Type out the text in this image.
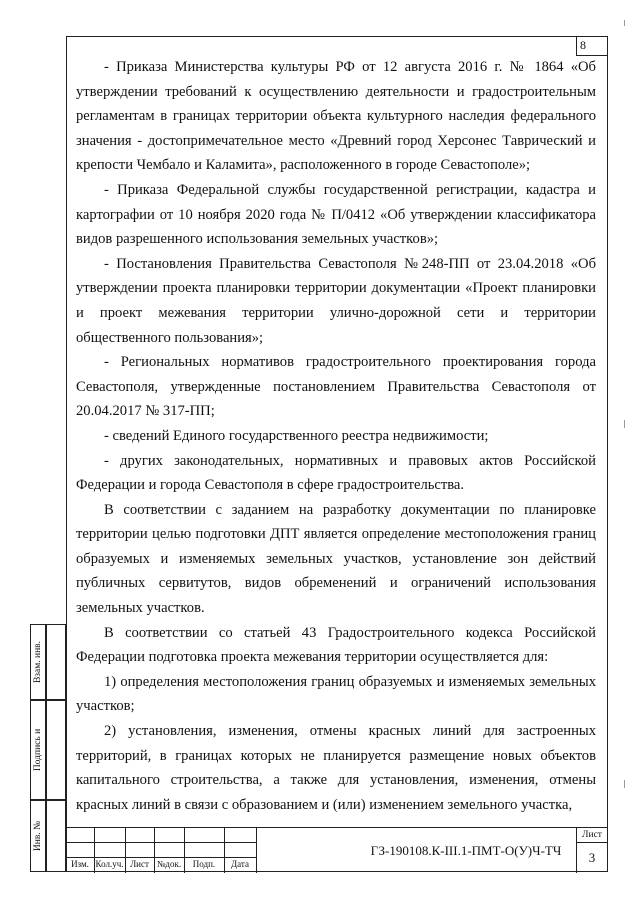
8

- Приказа Министерства культуры РФ от 12 августа 2016 г. № 1864 «Об утверждении требований к осуществлению деятельности и градостроительным регламентам в границах территории объекта культурного наследия федерального значения - достопримечательное место «Древний город Херсонес Таврический и крепости Чембало и Каламита», расположенного в городе Севастополе»;

- Приказа Федеральной службы государственной регистрации, кадастра и картографии от 10 ноября 2020 года № П/0412 «Об утверждении классификатора видов разрешенного использования земельных участков»;

- Постановления Правительства Севастополя №248-ПП от 23.04.2018 «Об утверждении проекта планировки территории документации «Проект планировки и проект межевания территории улично-дорожной сети и территории общественного пользования»;

- Региональных нормативов градостроительного проектирования города Севастополя, утвержденные постановлением Правительства Севастополя от 20.04.2017 № 317-ПП;

- сведений Единого государственного реестра недвижимости;

- других законодательных, нормативных и правовых актов Российской Федерации и города Севастополя в сфере градостроительства.

В соответствии с заданием на разработку документации по планировке территории целью подготовки ДПТ является определение местоположения границ образуемых и изменяемых земельных участков, установление зон действий публичных сервитутов, видов обременений и ограничений использования земельных участков.

В соответствии со статьей 43 Градостроительного кодекса Российской Федерации подготовка проекта межевания территории осуществляется для:

1) определения местоположения границ образуемых и изменяемых земельных участков;

2) установления, изменения, отмены красных линий для застроенных территорий, в границах которых не планируется размещение новых объектов капитального строительства, а также для установления, изменения, отмены красных линий в связи с образованием и (или) изменением земельного участка,

Взам. инв.
Подпись и
Инв. №
Изм. Кол.уч. Лист №док.	Подп.	Дата
ГЗ-190108.К-III.1-ПМТ-О(У)Ч-ТЧ
Лист
3
